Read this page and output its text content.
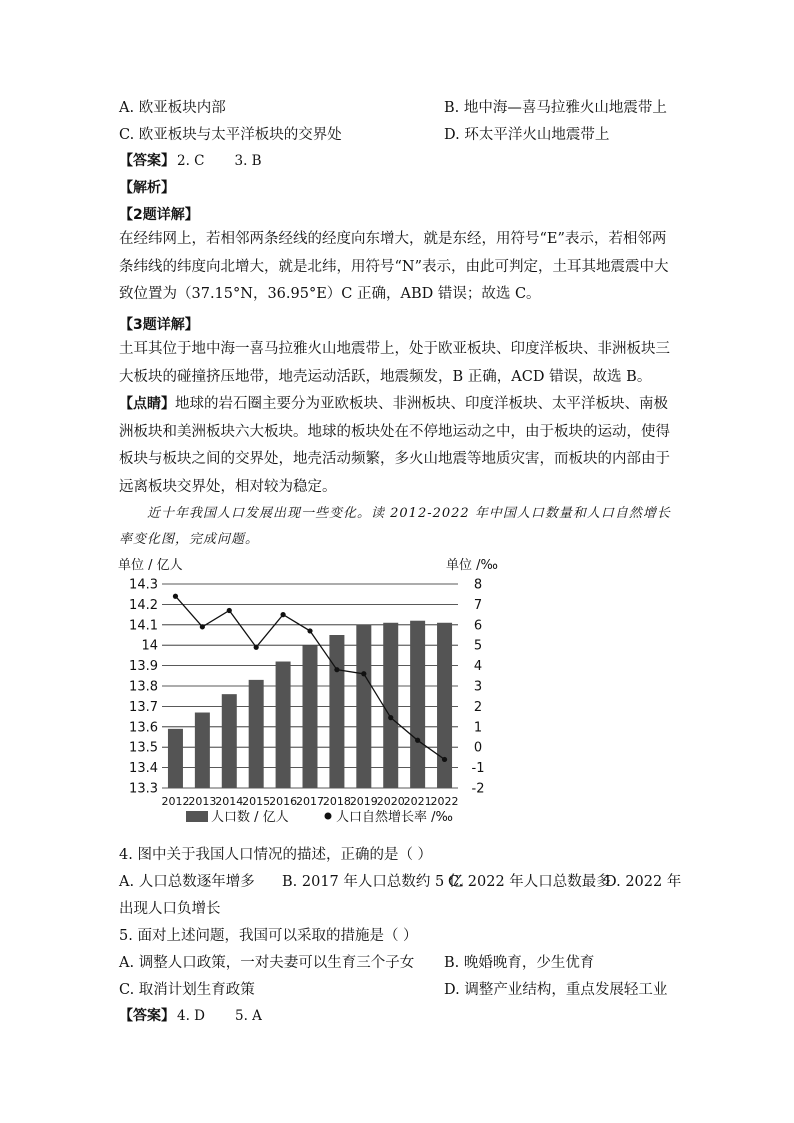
A. 欧亚板块内部	B. 地中海—喜马拉雅火山地震带上
C. 欧亚板块与太平洋板块的交界处	D. 环太平洋火山地震带上
【答案】 2. C 3. B
【解析】
【2题详解】
在经纬网上，若相邻两条经线的经度向东增大，就是东经，用符号“E”表示，若相邻两条纬线的纬度向北增大，就是北纬，用符号“N”表示，由此可判定，土耳其地震震中大致位置为（37.15°N，36.95°E）C 正确，ABD 错误；故选 C。
【3题详解】
土耳其位于地中海一喜马拉雅火山地震带上，处于欧亚板块、印度洋板块、非洲板块三大板块的碰撞挤压地带，地壳运动活跃，地震频发，B 正确，ACD 错误，故选 B。
【点睛】地球的岩石圈主要分为亚欧板块、非洲板块、印度洋板块、太平洋板块、南极洲板块和美洲板块六大板块。地球的板块处在不停地运动之中，由于板块的运动，使得板块与板块之间的交界处，地壳活动频繁，多火山地震等地质灾害，而板块的内部由于远离板块交界处，相对较为稳定。
近十年我国人口发展出现一些变化。读 2012-2022 年中国人口数量和人口自然增长率变化图，完成问题。
单位 / 亿人	单位 /‰
14.3	8
14.2	7
14.1	6
14	5
13.9	4
13.8	3
13.7	2
13.6	1
13.5	0
13.4	-1
13.3	-2
2012
2013
2014
2015
2016
2017
2018
2019
2020
2021
2022
人口数 / 亿人	人口自然增长率 /‰
4. 图中关于我国人口情况的描述，正确的是（ ）
A. 人口总数逐年增多 B. 2017 年人口总数约 5 亿
C. 2022 年人口总数最多
D. 2022 年
出现人口负增长
5. 面对上述问题，我国可以采取的措施是（ ）
A. 调整人口政策，一对夫妻可以生育三个子女 B. 晚婚晚育，少生优育
C. 取消计划生育政策	D. 调整产业结构，重点发展轻工业
【答案】 4. D 5. A
